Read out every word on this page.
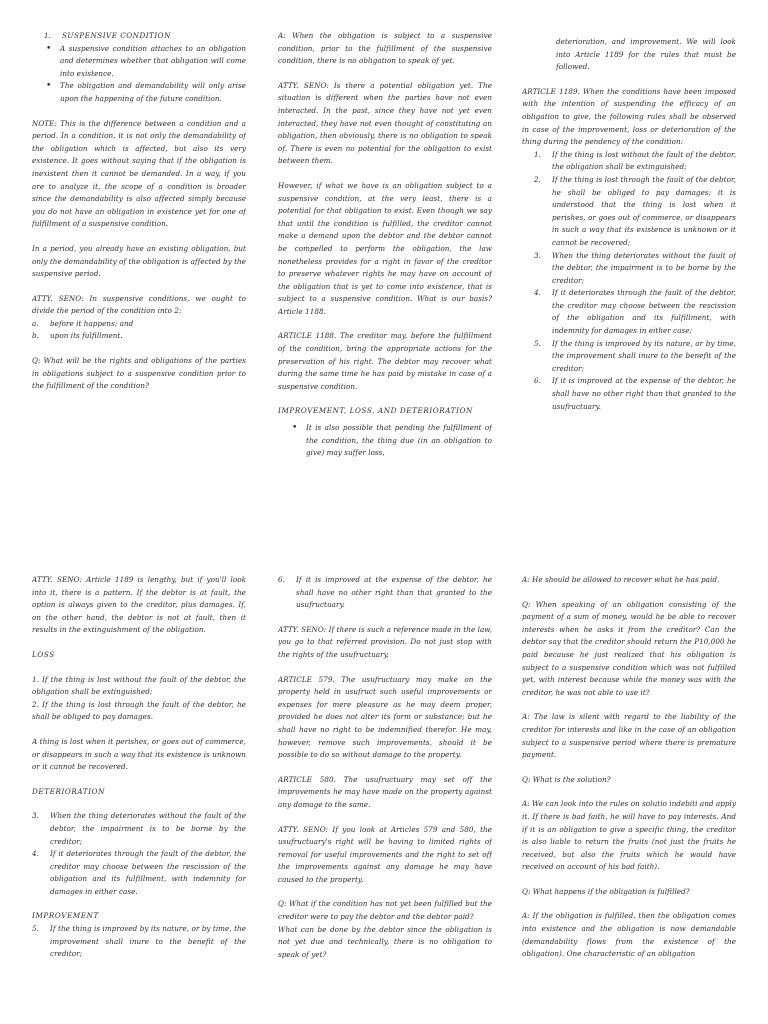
1.	SUSPENSIVE CONDITION
•	A suspensive condition attaches to an obligation and determines whether that obligation will come into existence.
•	The obligation and demandability will only arise upon the happening of the future condition.

NOTE: This is the difference between a condition and a period. In a condition, it is not only the demandability of the obligation which is affected, but also its very existence. It goes without saying that if the obligation is inexistent then it cannot be demanded. In a way, if you are to analyze it, the scope of a condition is broader since the demandability is also affected simply because you do not have an obligation in existence yet for one of fulfillment of a suspensive condition.

In a period, you already have an existing obligation, but only the demandability of the obligation is affected by the suspensive period.

ATTY. SENO: In suspensive conditions, we ought to divide the period of the condition into 2:

a.	before it happens; and
b.	upon its fulfillment.

Q: What will be the rights and obligations of the parties in obligations subject to a suspensive condition prior to the fulfillment of the condition?

A: When the obligation is subject to a suspensive condition, prior to the fulfillment of the suspensive condition, there is no obligation to speak of yet.

ATTY. SENO: Is there a potential obligation yet. The situation is different when the parties have not even interacted. In the past, since they have not yet even interacted, they have not even thought of constituting an obligation, then obviously, there is no obligation to speak of. There is even no potential for the obligation to exist between them.

However, if what we have is an obligation subject to a suspensive condition, at the very least, there is a potential for that obligation to exist. Even though we say that until the condition is fulfilled, the creditor cannot make a demand upon the debtor and the debtor cannot be compelled to perform the obligation, the law nonetheless provides for a right in favor of the creditor to preserve whatever rights he may have on account of the obligation that is yet to come into existence, that is subject to a suspensive condition. What is our basis? Article 1188.

ARTICLE 1188. The creditor may, before the fulfillment of the condition, bring the appropriate actions for the preservation of his right. The debtor may recover what during the same time he has paid by mistake in case of a suspensive condition.

IMPROVEMENT, LOSS, AND DETERIORATION

•	It is also possible that pending the fulfillment of the condition, the thing due (in an obligation to give) may suffer loss,

deterioration, and improvement. We will look into Article 1189 for the rules that must be followed.

ARTICLE 1189. When the conditions have been imposed with the intention of suspending the efficacy of an obligation to give, the following rules shall be observed in case of the improvement, loss or deterioration of the thing during the pendency of the condition:

1.	If the thing is lost without the fault of the debtor, the obligation shall be extinguished;
2.	If the thing is lost through the fault of the debtor, he shall be obliged to pay damages; it is understood that the thing is lost when it perishes, or goes out of commerce, or disappears in such a way that its existence is unknown or it cannot be recovered;
3.	When the thing deteriorates without the fault of the debtor, the impairment is to be borne by the creditor;
4.	If it deteriorates through the fault of the debtor, the creditor may choose between the rescission of the obligation and its fulfillment, with indemnity for damages in either case;
5.	If the thing is improved by its nature, or by time, the improvement shall inure to the benefit of the creditor;
6.	If it is improved at the expense of the debtor, he shall have no other right than that granted to the usufructuary.

ATTY. SENO: Article 1189 is lengthy, but if you'll look into it, there is a pattern. If the debtor is at fault, the option is always given to the creditor, plus damages. If, on the other hand, the debtor is not at fault, then it results in the extinguishment of the obligation.

LOSS

1. If the thing is lost without the fault of the debtor, the obligation shall be extinguished;
2. If the thing is lost through the fault of the debtor, he shall be obliged to pay damages.

A thing is lost when it perishes, or goes out of commerce, or disappears in such a way that its existence is unknown or it cannot be recovered.

DETERIORATION

3.	When the thing deteriorates without the fault of the debtor, the impairment is to be borne by the creditor;
4.	If it deteriorates through the fault of the debtor, the creditor may choose between the rescission of the obligation and its fulfillment, with indemnity for damages in either case.

IMPROVEMENT

5.	If the thing is improved by its nature, or by time, the improvement shall inure to the benefit of the creditor;
6.	If it is improved at the expense of the debtor, he shall have no other right than that granted to the usufructuary.

ATTY. SENO: If there is such a reference made in the law, you go to that referred provision. Do not just stop with the rights of the usufructuary.

ARTICLE 579. The usufructuary may make on the property held in usufruct such useful improvements or expenses for mere pleasure as he may deem proper, provided he does not alter its form or substance; but he shall have no right to be indemnified therefor. He may, however, remove such improvements, should it be possible to do so without damage to the property.

ARTICLE 580. The usufructuary may set off the improvements he may have made on the property against any damage to the same.

ATTY. SENO: If you look at Articles 579 and 580, the usufructuary's right will be having to limited rights of removal for useful improvements and the right to set off the improvements against any damage he may have caused to the property.

Q: What if the condition has not yet been fulfilled but the creditor were to pay the debtor and the debtor paid?

What can be done by the debtor since the obligation is not yet due and technically, there is no obligation to speak of yet?

A: He should be allowed to recover what he has paid.

Q: When speaking of an obligation consisting of the payment of a sum of money, would he be able to recover interests when he asks it from the creditor? Can the debtor say that the creditor should return the P10,000 he paid because he just realized that his obligation is subject to a suspensive condition which was not fulfilled yet, with interest because while the money was with the creditor, he was not able to use it?

A: The law is silent with regard to the liability of the creditor for interests and like in the case of an obligation subject to a suspensive period where there is premature payment.

Q: What is the solution?

A: We can look into the rules on solutio indebiti and apply it. If there is bad faith, he will have to pay interests. And if it is an obligation to give a specific thing, the creditor is also liable to return the fruits (not just the fruits he received, but also the fruits which he would have received on account of his bad faith).

Q: What happens if the obligation is fulfilled?

A: If the obligation is fulfilled, then the obligation comes into existence and the obligation is now demandable (demandability flows from the existence of the obligation). One characteristic of an obligation
